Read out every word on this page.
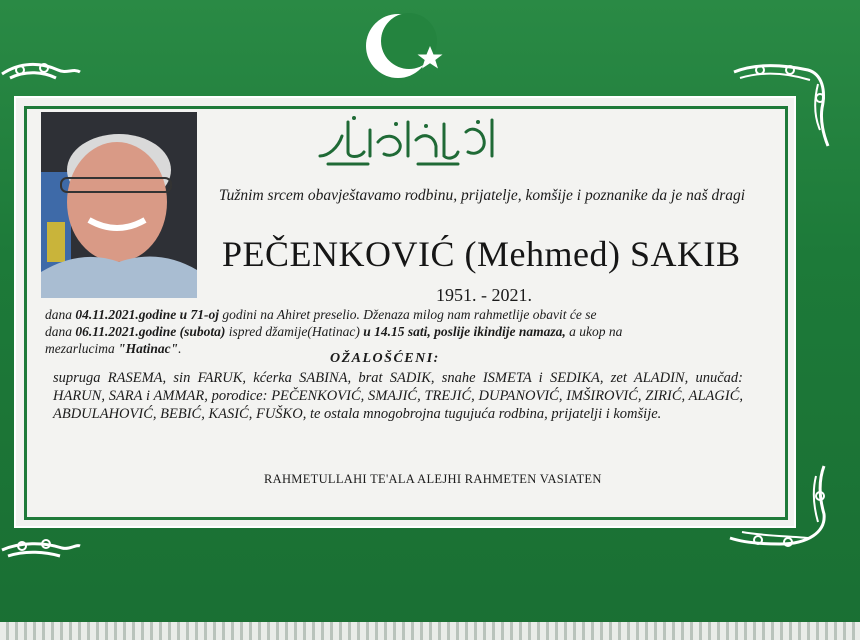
Tužnim srcem obavještavamo rodbinu, prijatelje, komšije i poznanike da je naš dragi
PEČENKOVIĆ (Mehmed) SAKIB
1951. - 2021.
dana 04.11.2021.godine u 71-oj godini na Ahiret preselio. Dženaza milog nam rahmetlije obavit će se
dana 06.11.2021.godine (subota) ispred džamije(Hatinac) u 14.15 sati, poslije ikindije namaza, a ukop na
mezarlucima "Hatinac".
OŽALOŠĆENI:
supruga RASEMA, sin FARUK, kćerka SABINA, brat SADIK, snahe ISMETA i SEDIKA, zet ALADIN, unučad: HARUN, SARA i AMMAR, porodice: PEČENKOVIĆ, SMAJIĆ, TREJIĆ, DUPANOVIĆ, IMŠIROVIĆ, ZIRIĆ, ALAGIĆ, ABDULAHOVIĆ, BEBIĆ, KASIĆ, FUŠKO, te ostala mnogobrojna tugujuća rodbina, prijatelji i komšije.
RAHMETULLAHI TE'ALA ALEJHI RAHMETEN VASIATEN
